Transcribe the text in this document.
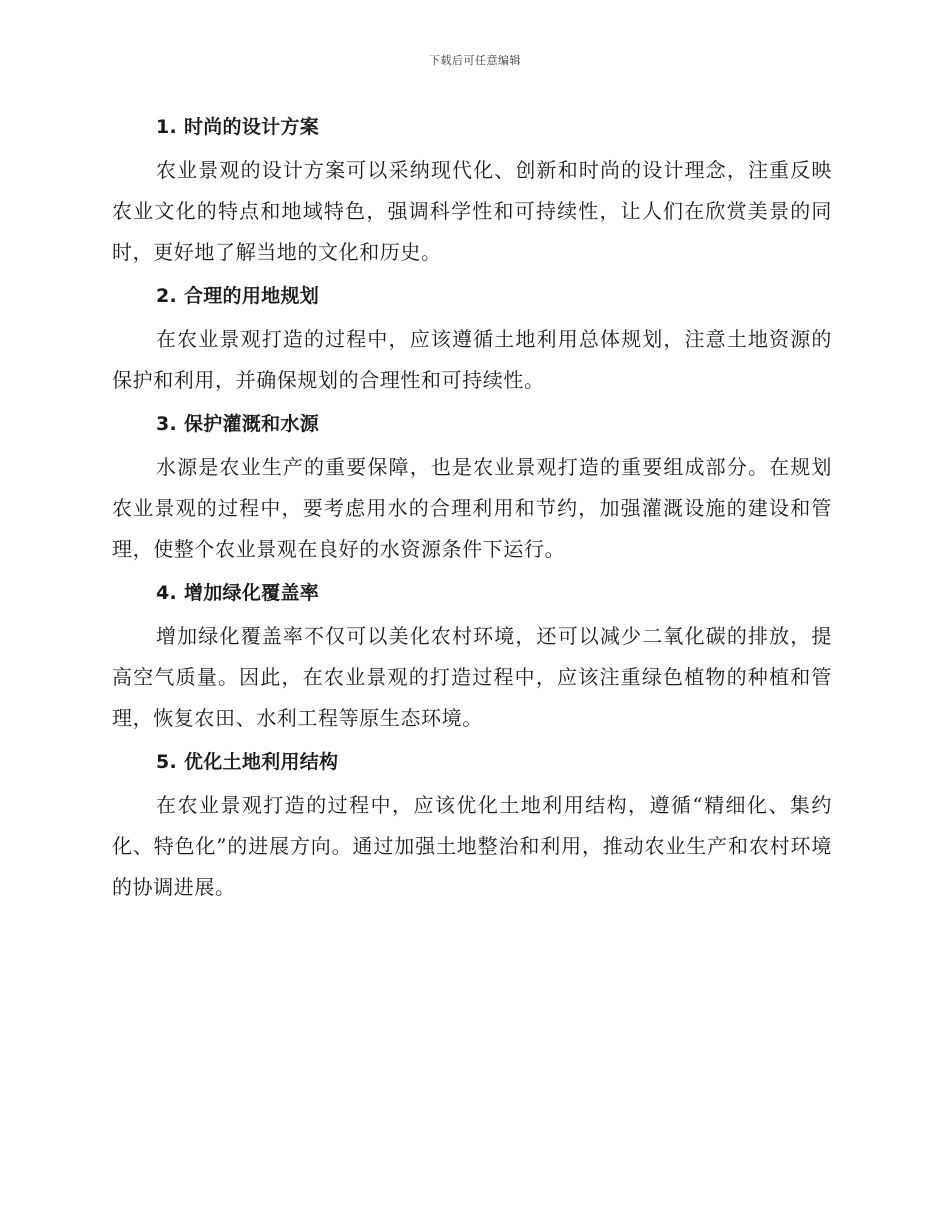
下载后可任意编辑
1. 时尚的设计方案

农业景观的设计方案可以采纳现代化、创新和时尚的设计理念，注重反映农业文化的特点和地域特色，强调科学性和可持续性，让人们在欣赏美景的同时，更好地了解当地的文化和历史。

2. 合理的用地规划

在农业景观打造的过程中，应该遵循土地利用总体规划，注意土地资源的保护和利用，并确保规划的合理性和可持续性。

3. 保护灌溉和水源

水源是农业生产的重要保障，也是农业景观打造的重要组成部分。在规划农业景观的过程中，要考虑用水的合理利用和节约，加强灌溉设施的建设和管理，使整个农业景观在良好的水资源条件下运行。

4. 增加绿化覆盖率

增加绿化覆盖率不仅可以美化农村环境，还可以减少二氧化碳的排放，提高空气质量。因此，在农业景观的打造过程中，应该注重绿色植物的种植和管理，恢复农田、水利工程等原生态环境。

5. 优化土地利用结构

在农业景观打造的过程中，应该优化土地利用结构，遵循“精细化、集约化、特色化”的进展方向。通过加强土地整治和利用，推动农业生产和农村环境的协调进展。
